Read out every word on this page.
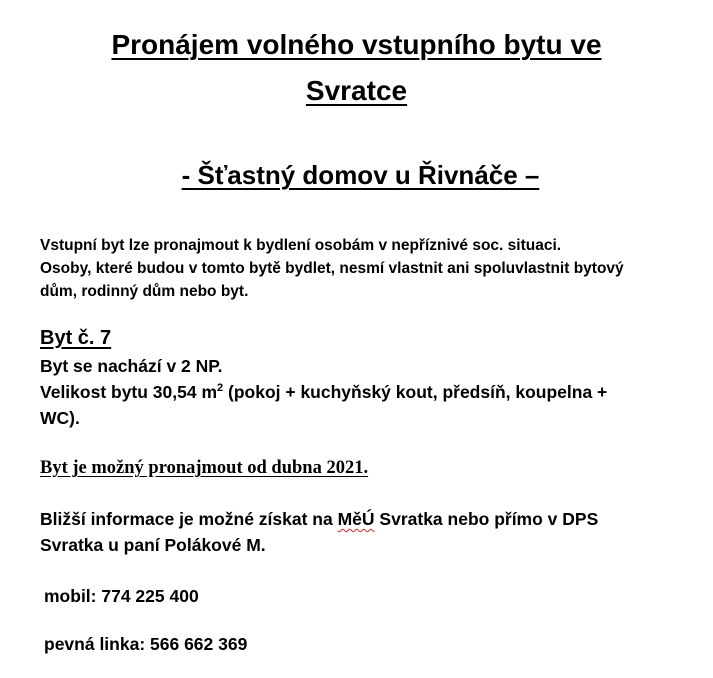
Pronájem volného vstupního bytu ve
Svratce
- Šťastný domov u Řivnáče –
Vstupní byt lze pronajmout k bydlení osobám v nepříznivé soc. situaci.
Osoby, které budou v tomto bytě bydlet, nesmí vlastnit ani spoluvlastnit bytový
dům, rodinný dům nebo byt.
Byt č. 7
Byt se nachází v 2 NP.
Velikost bytu 30,54 $m^2$ (pokoj + kuchyňský kout, předsíň, koupelna +
WC).
Byt je možný pronajmout od dubna 2021.
Bližší informace je možné získat na MěÚ Svratka nebo přímo v DPS
Svratka u paní Polákové M.
mobil: 774 225 400
pevná linka: 566 662 369
